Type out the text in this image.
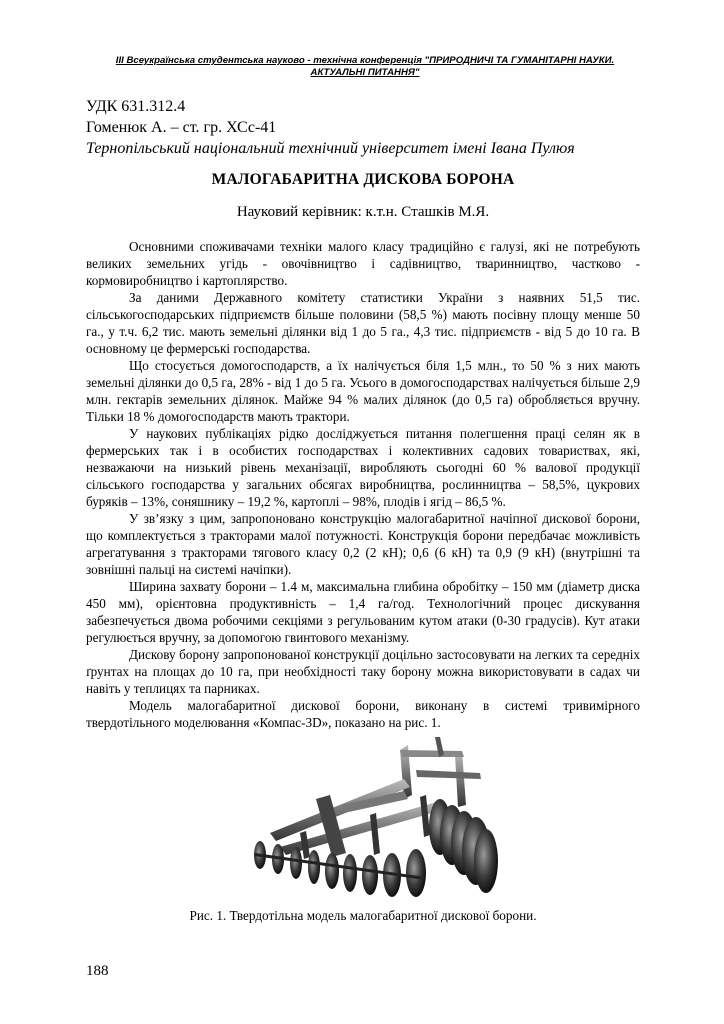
III Всеукраїнська студентська науково - технічна конференція "ПРИРОДНИЧІ ТА ГУМАНІТАРНІ НАУКИ.
АКТУАЛЬНІ ПИТАННЯ"
УДК 631.312.4
Гоменюк А. – ст. гр. ХСс-41
Тернопільський національний технічний університет імені Івана Пулюя
МАЛОГАБАРИТНА ДИСКОВА БОРОНА
Науковий керівник: к.т.н. Сташків М.Я.

Основними споживачами техніки малого класу традиційно є галузі, які не потребують великих земельних угідь - овочівництво і садівництво, тваринництво, частково - кормовиробництво і картоплярство.

За даними Державного комітету статистики України з наявних 51,5 тис. сільськогосподарських підприємств більше половини (58,5 %) мають посівну площу менше 50 га., у т.ч. 6,2 тис. мають земельні ділянки від 1 до 5 га., 4,3 тис. підприємств - від 5 до 10 га. В основному це фермерські господарства.

Що стосується домогосподарств, а їх налічується біля 1,5 млн., то 50 % з них мають земельні ділянки до 0,5 га, 28% - від 1 до 5 га. Усього в домогосподарствах налічується більше 2,9 млн. гектарів земельних ділянок. Майже 94 % малих ділянок (до 0,5 га) обробляється вручну. Тільки 18 % домогосподарств мають трактори.

У наукових публікаціях рідко досліджується питання полегшення праці селян як в фермерських так і в особистих господарствах і колективних садових товариствах, які, незважаючи на низький рівень механізації, виробляють сьогодні 60 % валової продукції сільського господарства у загальних обсягах виробництва, рослинництва – 58,5%, цукрових буряків – 13%, соняшнику – 19,2 %, картоплі – 98%, плодів і ягід – 86,5 %.

У зв’язку з цим, запропоновано конструкцію малогабаритної начіпної дискової борони, що комплектується з тракторами малої потужності. Конструкція борони передбачає можливість агрегатування з тракторами тягового класу 0,2 (2 кН); 0,6 (6 кН) та 0,9 (9 кН) (внутрішні та зовнішні пальці на системі начіпки).

Ширина захвату борони – 1.4 м, максимальна глибина обробітку – 150 мм (діаметр диска 450 мм), орієнтовна продуктивність – 1,4 га/год. Технологічний процес дискування забезпечується двома робочими секціями з регульованим кутом атаки (0-30 градусів). Кут атаки регулюється вручну, за допомогою гвинтового механізму.

Дискову борону запропонованої конструкції доцільно застосовувати на легких та середніх ґрунтах на площах до 10 га, при необхідності таку борону можна використовувати в садах чи навіть у теплицях та парниках.

Модель малогабаритної дискової борони, виконану в системі тривимірного твердотільного моделювання «Компас-3D», показано на рис. 1.

Рис. 1. Твердотільна модель малогабаритної дискової борони.
188
